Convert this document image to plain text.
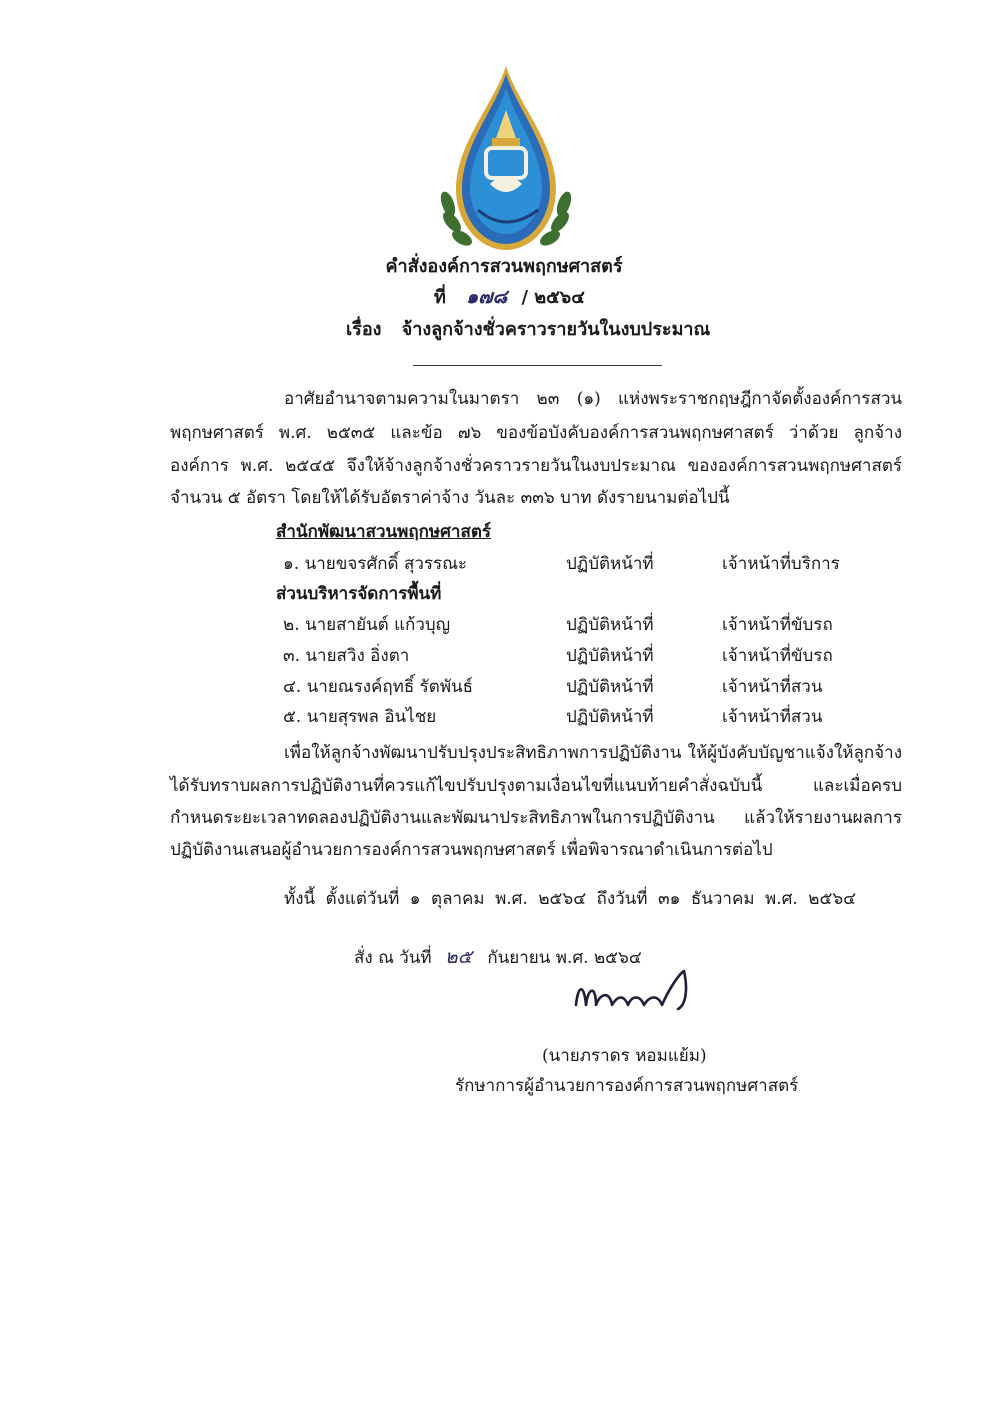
คำสั่งองค์การสวนพฤกษศาสตร์
ที่ ๑๗๘ / ๒๕๖๔
เรื่อง จ้างลูกจ้างชั่วคราวรายวันในงบประมาณ
อาศัยอำนาจตามความในมาตรา ๒๓ (๑) แห่งพระราชกฤษฎีกาจัดตั้งองค์การสวน
พฤกษศาสตร์ พ.ศ. ๒๕๓๕ และข้อ ๗๖ ของข้อบังคับองค์การสวนพฤกษศาสตร์ ว่าด้วย ลูกจ้าง
องค์การ พ.ศ. ๒๕๔๕ จึงให้จ้างลูกจ้างชั่วคราวรายวันในงบประมาณ ขององค์การสวนพฤกษศาสตร์
จำนวน ๕ อัตรา โดยให้ได้รับอัตราค่าจ้าง วันละ ๓๓๖ บาท ดังรายนามต่อไปนี้
สำนักพัฒนาสวนพฤกษศาสตร์
๑. นายขจรศักดิ์ สุวรรณะ	ปฏิบัติหน้าที่	เจ้าหน้าที่บริการ
ส่วนบริหารจัดการพื้นที่
๒. นายสายันต์ แก้วบุญ	ปฏิบัติหน้าที่	เจ้าหน้าที่ขับรถ
๓. นายสวิง อิ่งตา	ปฏิบัติหน้าที่	เจ้าหน้าที่ขับรถ
๔. นายณรงค์ฤทธิ์ รัตพันธ์	ปฏิบัติหน้าที่	เจ้าหน้าที่สวน
๕. นายสุรพล อินไชย	ปฏิบัติหน้าที่	เจ้าหน้าที่สวน
เพื่อให้ลูกจ้างพัฒนาปรับปรุงประสิทธิภาพการปฏิบัติงาน ให้ผู้บังคับบัญชาแจ้งให้ลูกจ้าง
ได้รับทราบผลการปฏิบัติงานที่ควรแก้ไขปรับปรุงตามเงื่อนไขที่แนบท้ายคำสั่งฉบับนี้ และเมื่อครบ
กำหนดระยะเวลาทดลองปฏิบัติงานและพัฒนาประสิทธิภาพในการปฏิบัติงาน แล้วให้รายงานผลการ
ปฏิบัติงานเสนอผู้อำนวยการองค์การสวนพฤกษศาสตร์ เพื่อพิจารณาดำเนินการต่อไป
ทั้งนี้ ตั้งแต่วันที่ ๑ ตุลาคม พ.ศ. ๒๕๖๔ ถึงวันที่ ๓๑ ธันวาคม พ.ศ. ๒๕๖๔
สั่ง ณ วันที่ ๒๕ กันยายน พ.ศ. ๒๕๖๔
(นายภราดร หอมแย้ม)
รักษาการผู้อำนวยการองค์การสวนพฤกษศาสตร์
